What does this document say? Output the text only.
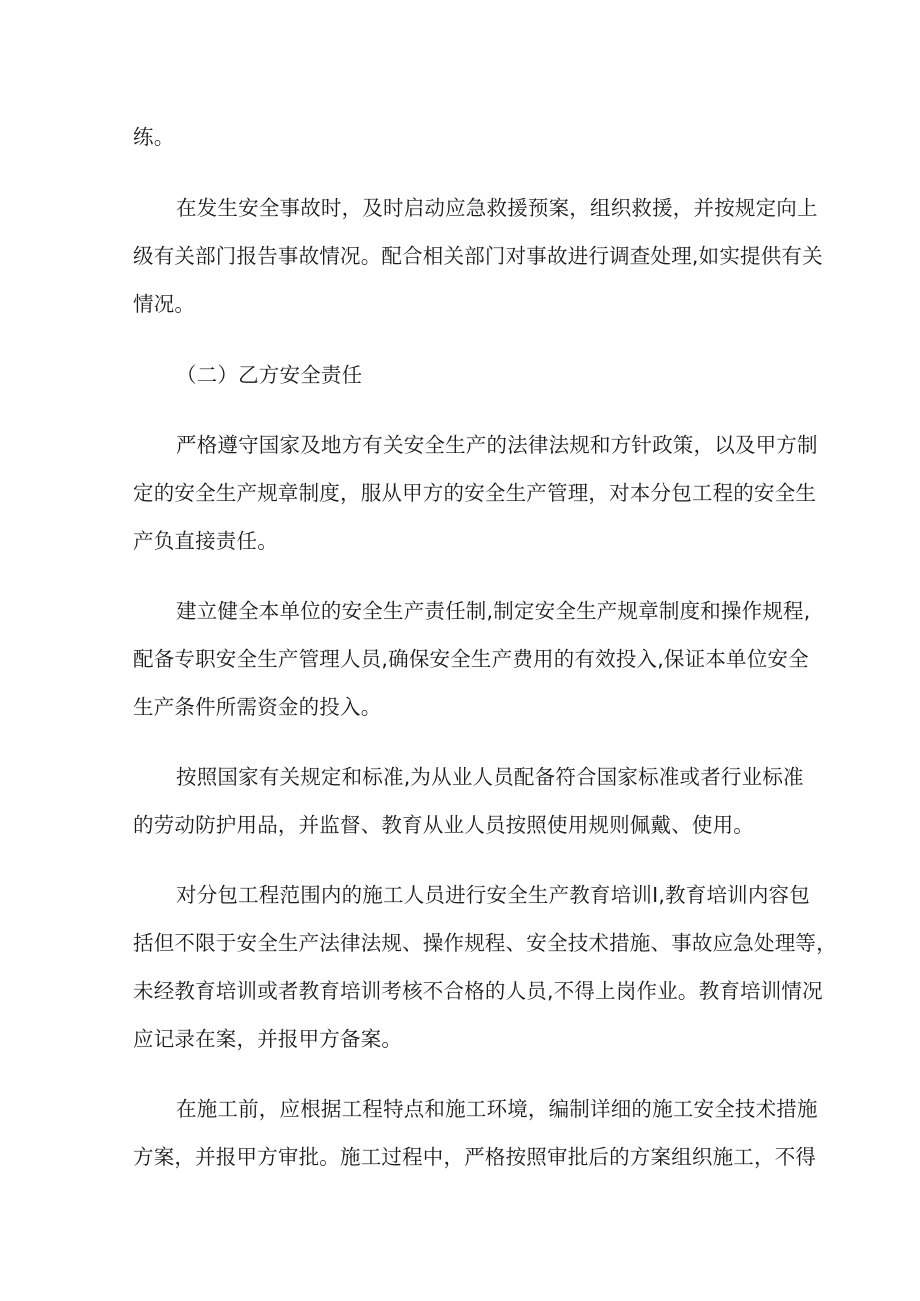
练。
在发生安全事故时，及时启动应急救援预案，组织救援，并按规定向上
级有关部门报告事故情况。配合相关部门对事故进行调查处理,如实提供有关
情况。
（二）乙方安全责任
严格遵守国家及地方有关安全生产的法律法规和方针政策，以及甲方制
定的安全生产规章制度，服从甲方的安全生产管理，对本分包工程的安全生
产负直接责任。
建立健全本单位的安全生产责任制,制定安全生产规章制度和操作规程,
配备专职安全生产管理人员,确保安全生产费用的有效投入,保证本单位安全
生产条件所需资金的投入。
按照国家有关规定和标准,为从业人员配备符合国家标准或者行业标准
的劳动防护用品，并监督、教育从业人员按照使用规则佩戴、使用。
对分包工程范围内的施工人员进行安全生产教育培训I,教育培训内容包
括但不限于安全生产法律法规、操作规程、安全技术措施、事故应急处理等，
未经教育培训或者教育培训考核不合格的人员,不得上岗作业。教育培训情况
应记录在案，并报甲方备案。
在施工前，应根据工程特点和施工环境，编制详细的施工安全技术措施
方案，并报甲方审批。施工过程中，严格按照审批后的方案组织施工，不得
